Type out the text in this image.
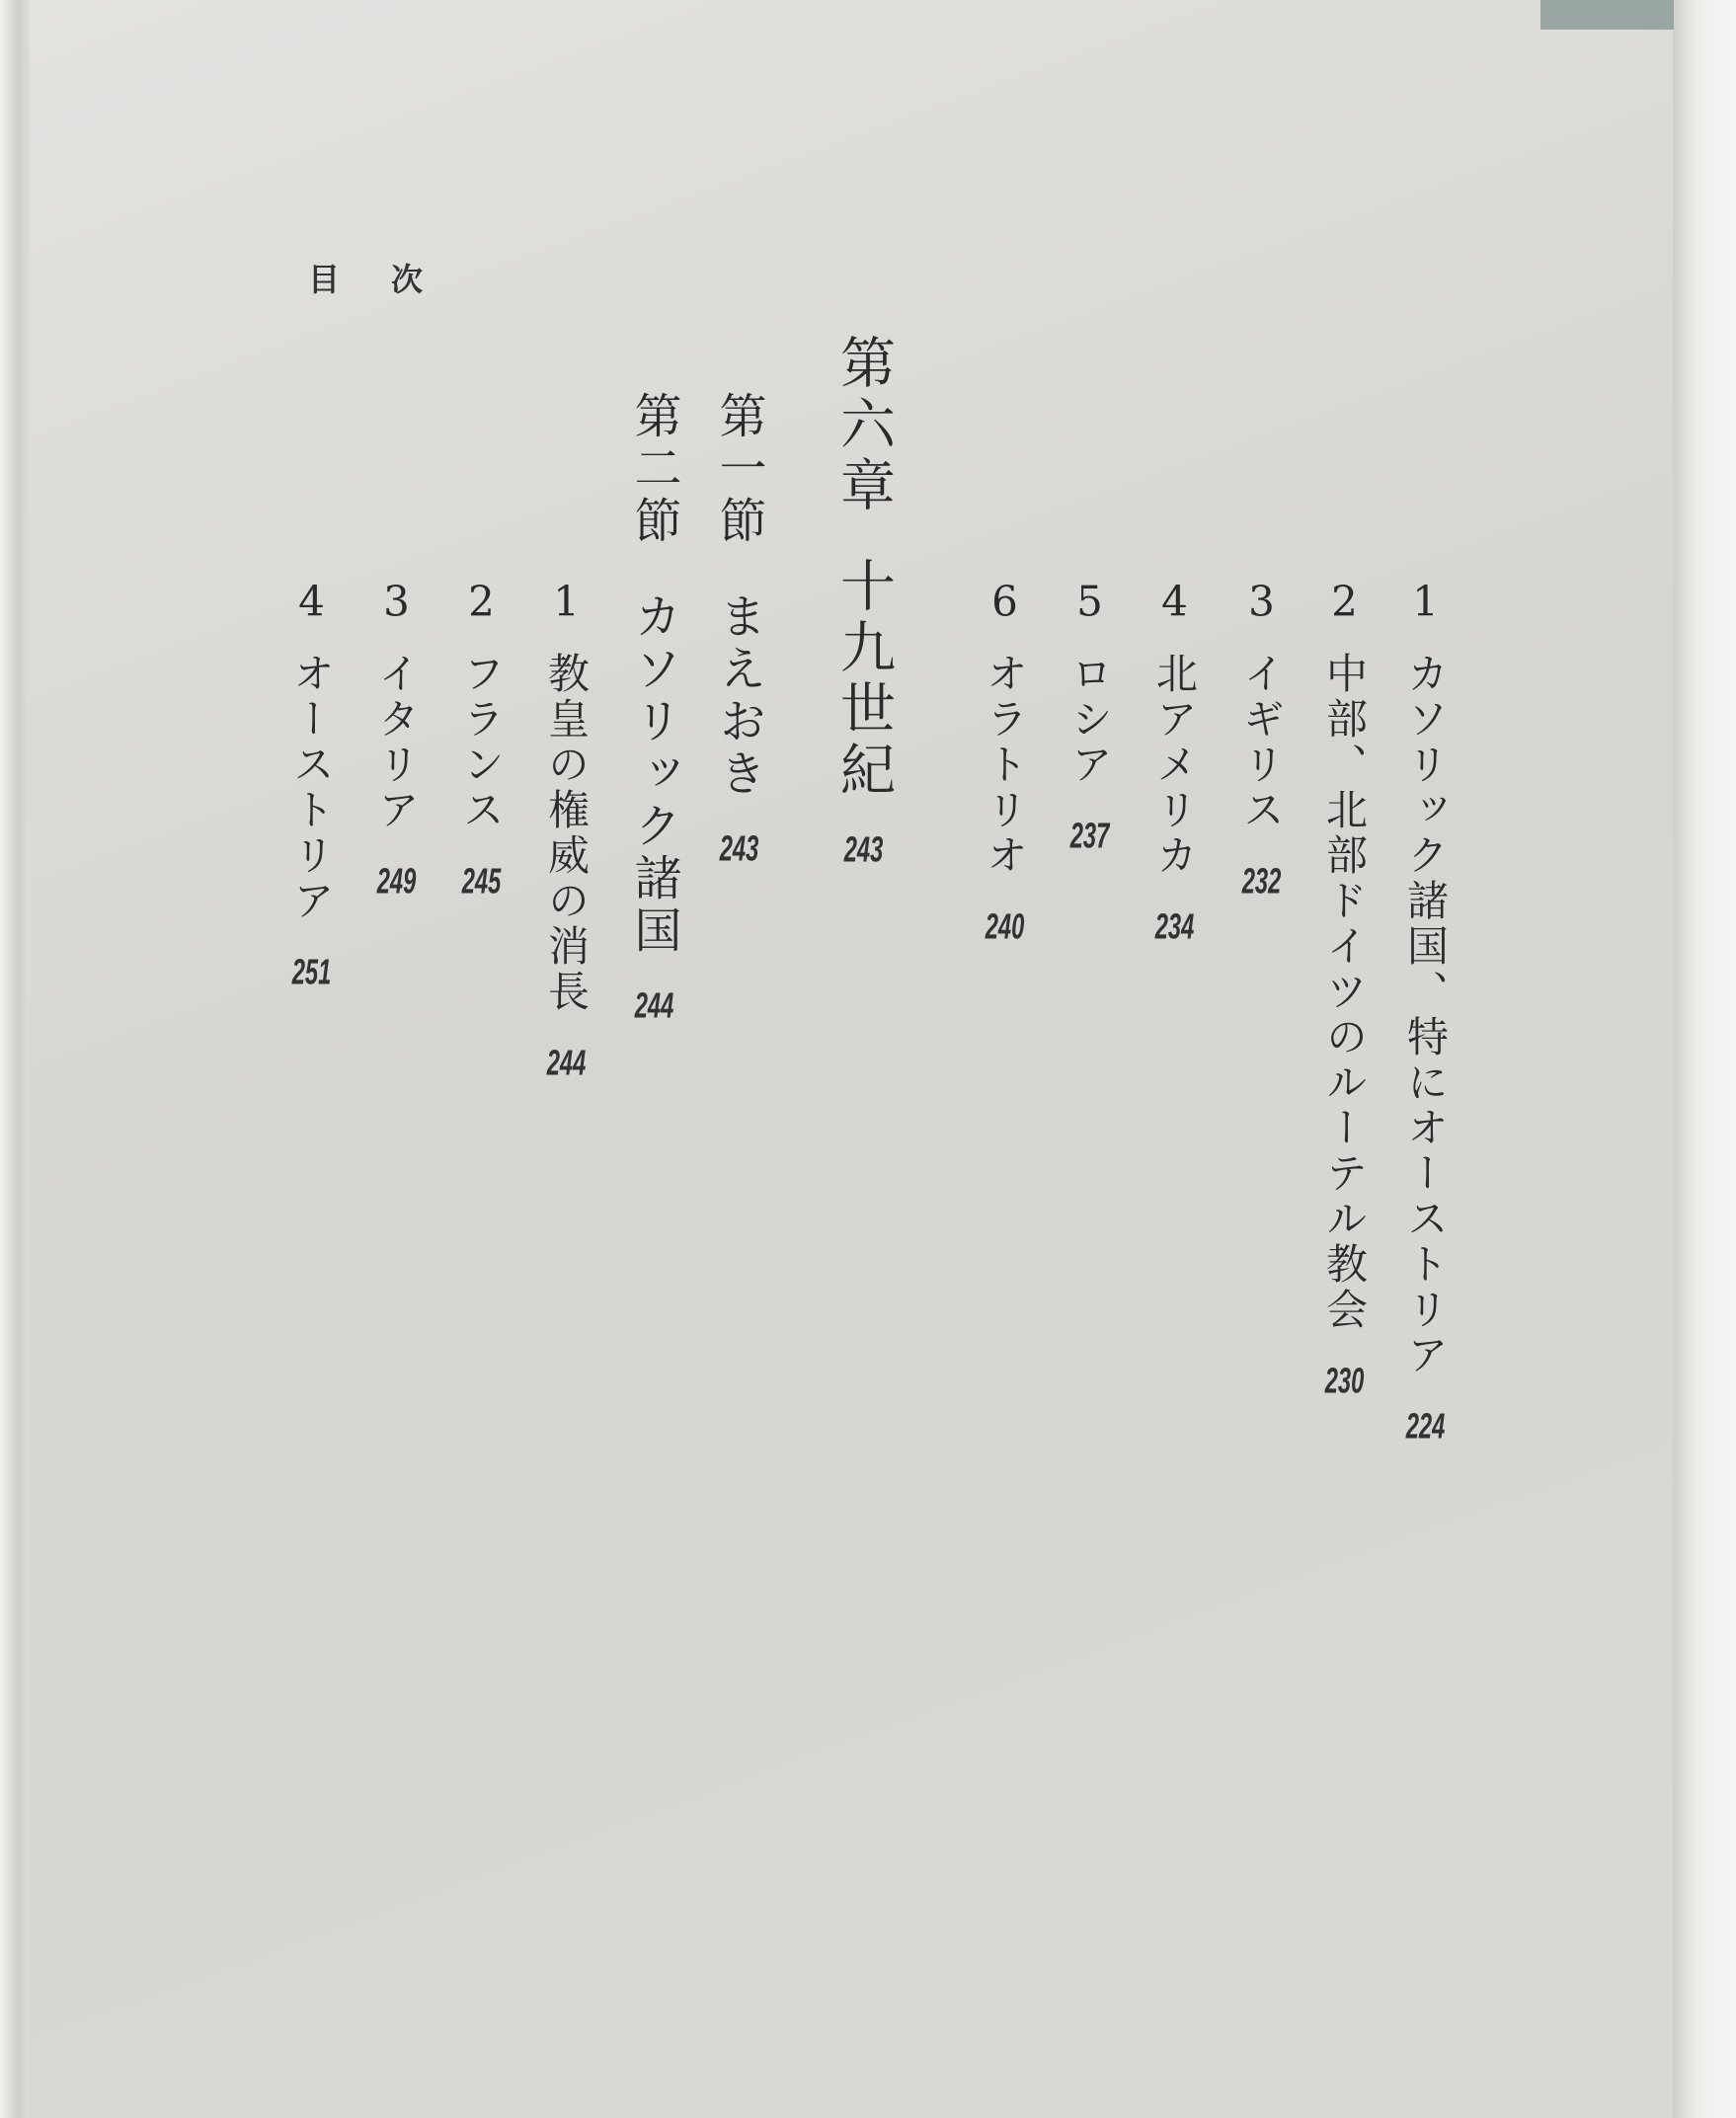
目次
1カソリック諸国、特にオーストリア224
2中部、北部ドイツのルーテル教会230
3イギリス232
4北アメリカ234
5ロシア237
6オラトリオ240
第六章十九世紀243
第一節まえおき243
第二節カソリック諸国244
1教皇の権威の消長244
2フランス245
3イタリア249
4オーストリア251
